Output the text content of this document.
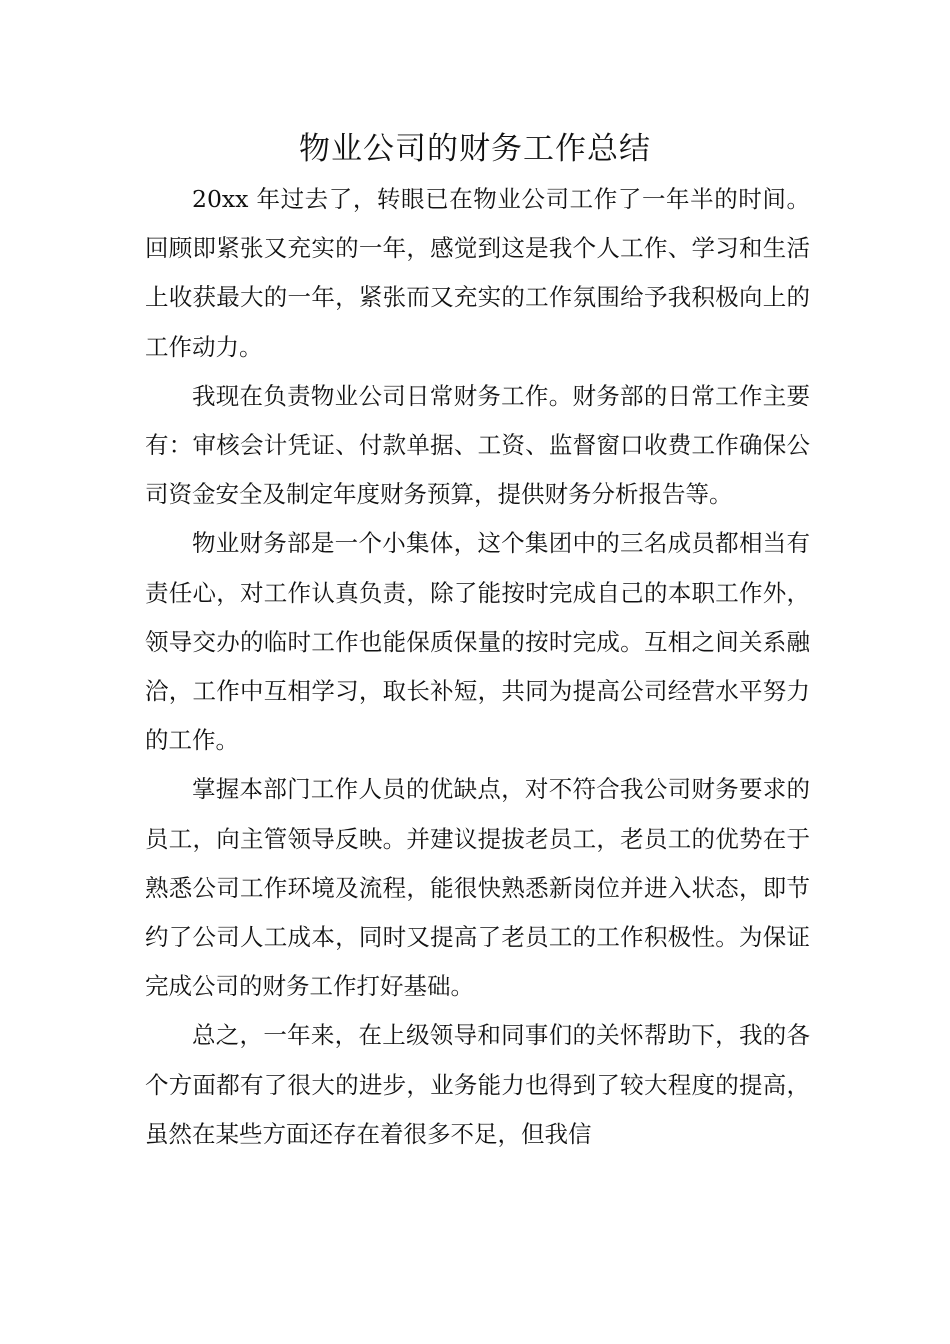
物业公司的财务工作总结

20xx 年过去了，转眼已在物业公司工作了一年半的时间。回顾即紧张又充实的一年，感觉到这是我个人工作、学习和生活上收获最大的一年，紧张而又充实的工作氛围给予我积极向上的工作动力。

我现在负责物业公司日常财务工作。财务部的日常工作主要有：审核会计凭证、付款单据、工资、监督窗口收费工作确保公司资金安全及制定年度财务预算，提供财务分析报告等。

物业财务部是一个小集体，这个集团中的三名成员都相当有责任心，对工作认真负责，除了能按时完成自己的本职工作外，领导交办的临时工作也能保质保量的按时完成。互相之间关系融洽，工作中互相学习，取长补短，共同为提高公司经营水平努力的工作。

掌握本部门工作人员的优缺点，对不符合我公司财务要求的员工，向主管领导反映。并建议提拔老员工，老员工的优势在于熟悉公司工作环境及流程，能很快熟悉新岗位并进入状态，即节约了公司人工成本，同时又提高了老员工的工作积极性。为保证完成公司的财务工作打好基础。

总之，一年来，在上级领导和同事们的关怀帮助下，我的各个方面都有了很大的进步，业务能力也得到了较大程度的提高，虽然在某些方面还存在着很多不足，但我信
